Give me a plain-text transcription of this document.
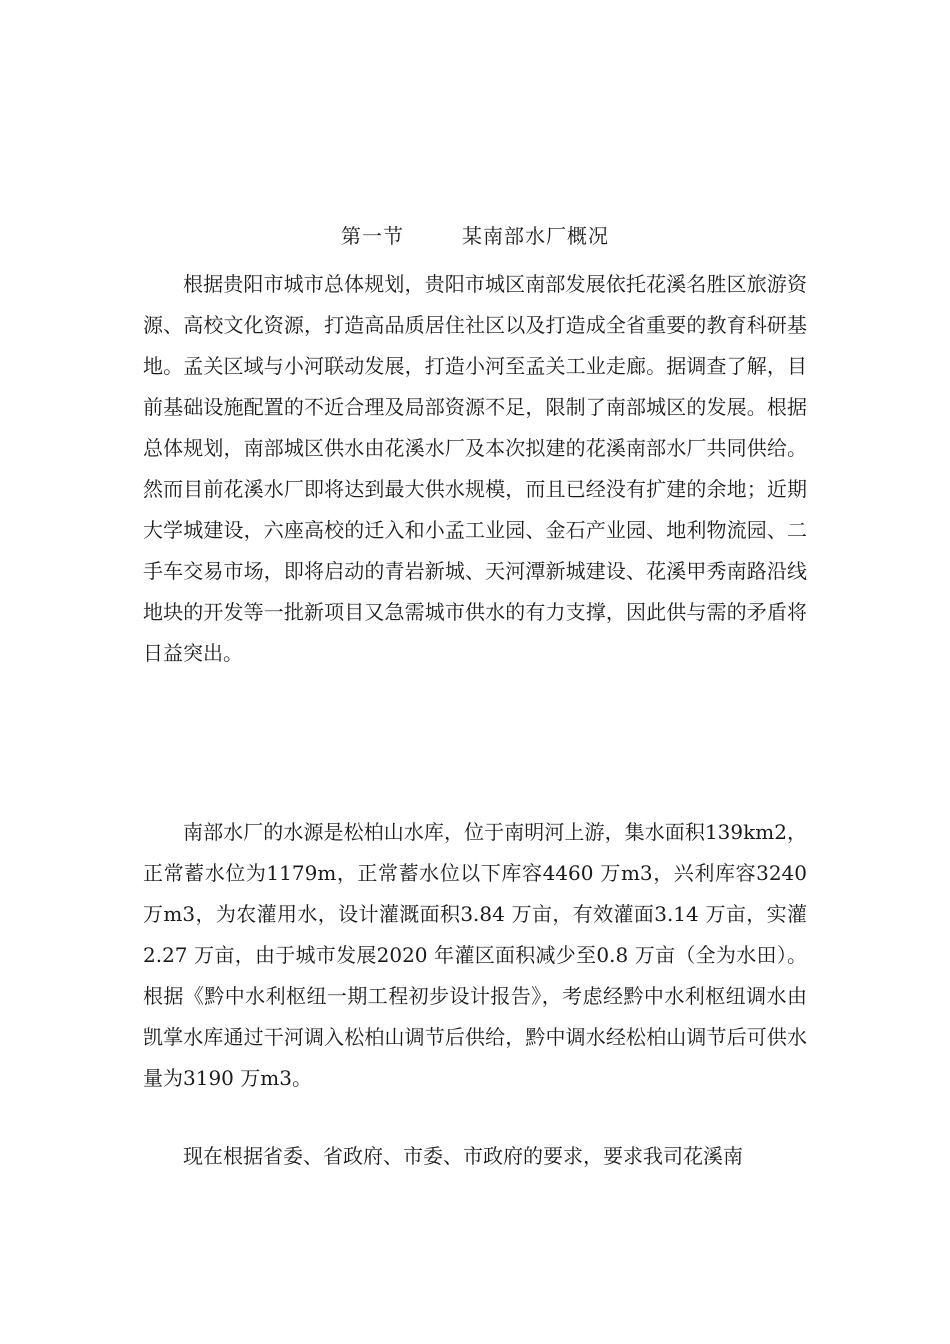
第一节	某南部水厂概况

根据贵阳市城市总体规划，贵阳市城区南部发展依托花溪名胜区旅游资源、高校文化资源，打造高品质居住社区以及打造成全省重要的教育科研基地。孟关区域与小河联动发展，打造小河至孟关工业走廊。据调查了解，目前基础设施配置的不近合理及局部资源不足，限制了南部城区的发展。根据总体规划，南部城区供水由花溪水厂及本次拟建的花溪南部水厂共同供给。然而目前花溪水厂即将达到最大供水规模，而且已经没有扩建的余地；近期大学城建设，六座高校的迁入和小孟工业园、金石产业园、地利物流园、二手车交易市场，即将启动的青岩新城、天河潭新城建设、花溪甲秀南路沿线地块的开发等一批新项目又急需城市供水的有力支撑，因此供与需的矛盾将日益突出。

南部水厂的水源是松柏山水库，位于南明河上游，集水面积139km2，正常蓄水位为1179m，正常蓄水位以下库容4460 万m3，兴利库容3240 万m3，为农灌用水，设计灌溉面积3.84 万亩，有效灌面3.14 万亩，实灌2.27 万亩，由于城市发展2020 年灌区面积减少至0.8 万亩（全为水田）。根据《黔中水利枢纽一期工程初步设计报告》，考虑经黔中水利枢纽调水由凯掌水库通过干河调入松柏山调节后供给，黔中调水经松柏山调节后可供水量为3190 万m3。

现在根据省委、省政府、市委、市政府的要求，要求我司花溪南
